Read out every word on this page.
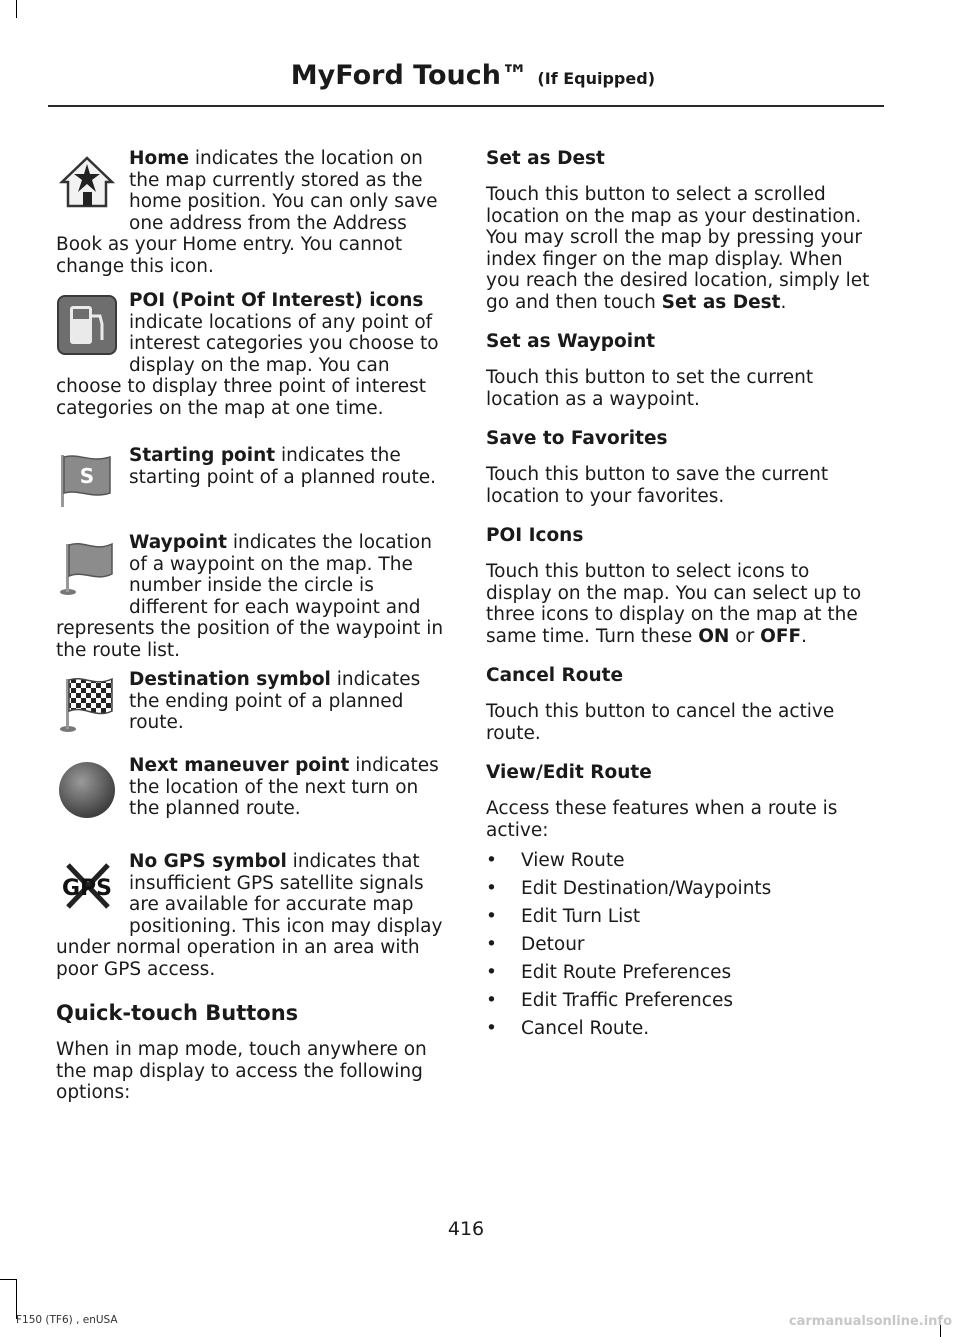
MyFord Touch™ (If Equipped)

Home indicates the location on the map currently stored as the home position. You can only save one address from the Address Book as your Home entry. You cannot change this icon.

POI (Point Of Interest) icons indicate locations of any point of interest categories you choose to display on the map. You can choose to display three point of interest categories on the map at one time.

S

Starting point indicates the starting point of a planned route.

Waypoint indicates the location of a waypoint on the map. The number inside the circle is different for each waypoint and represents the position of the waypoint in the route list.

Destination symbol indicates the ending point of a planned route.

Next maneuver point indicates the location of the next turn on the planned route.

GPS

No GPS symbol indicates that insufficient GPS satellite signals are available for accurate map positioning. This icon may display under normal operation in an area with poor GPS access.

Quick-touch Buttons

When in map mode, touch anywhere on the map display to access the following options:

Set as Dest

Touch this button to select a scrolled location on the map as your destination. You may scroll the map by pressing your index finger on the map display. When you reach the desired location, simply let go and then touch Set as Dest.

Set as Waypoint

Touch this button to set the current location as a waypoint.

Save to Favorites

Touch this button to save the current location to your favorites.

POI Icons

Touch this button to select icons to display on the map. You can select up to three icons to display on the map at the same time. Turn these ON or OFF.

Cancel Route

Touch this button to cancel the active route.

View/Edit Route

Access these features when a route is active:

• View Route
• Edit Destination/Waypoints
• Edit Turn List
• Detour
• Edit Route Preferences
• Edit Traffic Preferences
• Cancel Route.
416
F150 (TF6) , enUSA	carmanualsonline.info
